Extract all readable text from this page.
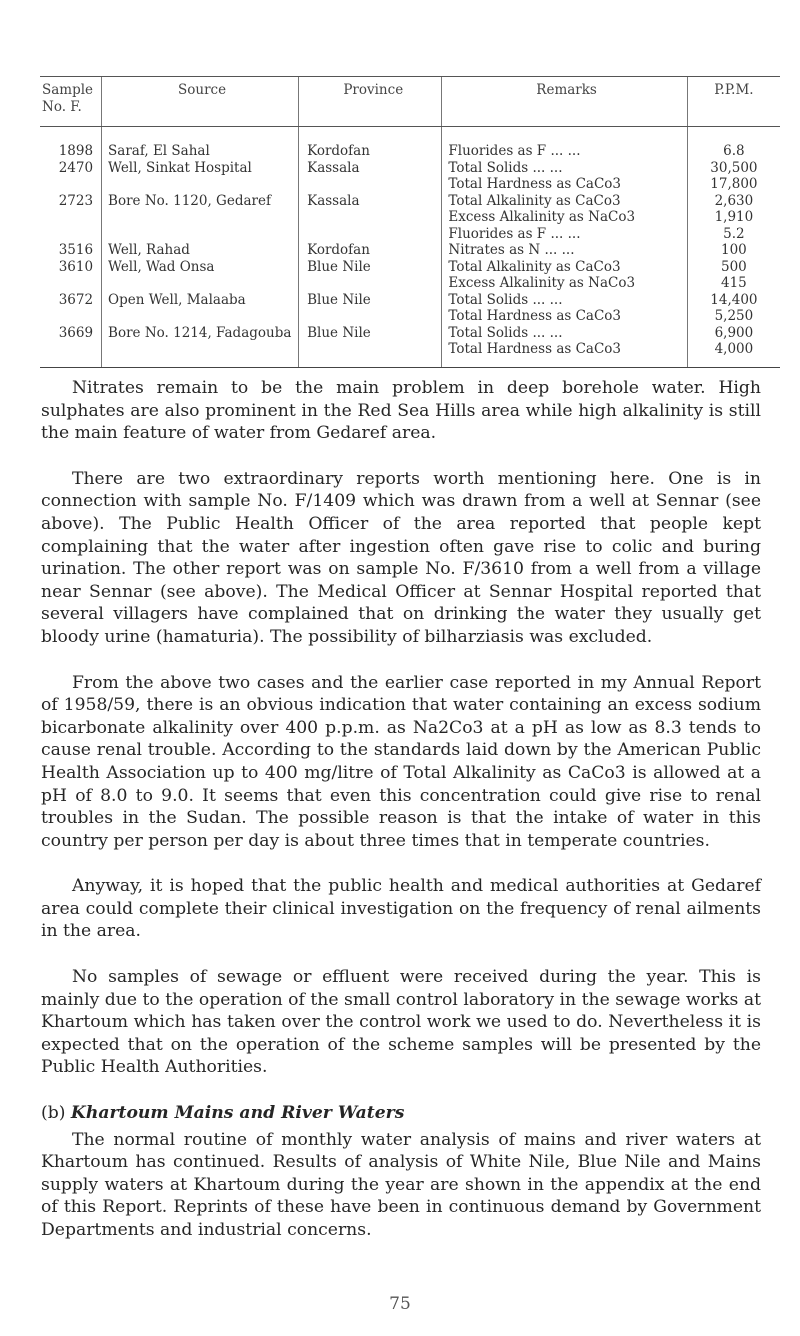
Sample No. F.	Source	Province	Remarks	P.P.M.
1898	Saraf, El Sahal	Kordofan	Fluorides as F ... ...	6.8
2470	Well, Sinkat Hospital	Kassala	Total Solids ... ...	30,500
			Total Hardness as CaCo3	17,800
2723	Bore No. 1120, Gedaref	Kassala	Total Alkalinity as CaCo3	2,630
			Excess Alkalinity as NaCo3	1,910
			Fluorides as F ... ...	5.2
3516	Well, Rahad	Kordofan	Nitrates as N ... ...	100
3610	Well, Wad Onsa	Blue Nile	Total Alkalinity as CaCo3	500
			Excess Alkalinity as NaCo3	415
3672	Open Well, Malaaba	Blue Nile	Total Solids ... ...	14,400
			Total Hardness as CaCo3	5,250
3669	Bore No. 1214, Fadagouba	Blue Nile	Total Solids ... ...	6,900
			Total Hardness as CaCo3	4,000

Nitrates remain to be the main problem in deep borehole water. High sulphates are also prominent in the Red Sea Hills area while high alkalinity is still the main feature of water from Gedaref area.

There are two extraordinary reports worth mentioning here. One is in connection with sample No. F/1409 which was drawn from a well at Sennar (see above). The Public Health Officer of the area reported that people kept complaining that the water after ingestion often gave rise to colic and buring urination. The other report was on sample No. F/3610 from a well from a village near Sennar (see above). The Medical Officer at Sennar Hospital reported that several villagers have complained that on drinking the water they usually get bloody urine (hamaturia). The possibility of bilharziasis was excluded.

From the above two cases and the earlier case reported in my Annual Report of 1958/59, there is an obvious indication that water containing an excess sodium bicarbonate alkalinity over 400 p.p.m. as Na2Co3 at a pH as low as 8.3 tends to cause renal trouble. According to the standards laid down by the American Public Health Association up to 400 mg/litre of Total Alkalinity as CaCo3 is allowed at a pH of 8.0 to 9.0. It seems that even this concentration could give rise to renal troubles in the Sudan. The possible reason is that the intake of water in this country per person per day is about three times that in temperate countries.

Anyway, it is hoped that the public health and medical authorities at Gedaref area could complete their clinical investigation on the frequency of renal ailments in the area.

No samples of sewage or effluent were received during the year. This is mainly due to the operation of the small control laboratory in the sewage works at Khartoum which has taken over the control work we used to do. Nevertheless it is expected that on the operation of the scheme samples will be presented by the Public Health Authorities.

(b) Khartoum Mains and River Waters

The normal routine of monthly water analysis of mains and river waters at Khartoum has continued. Results of analysis of White Nile, Blue Nile and Mains supply waters at Khartoum during the year are shown in the appendix at the end of this Report. Reprints of these have been in continuous demand by Government Departments and industrial concerns.

75
